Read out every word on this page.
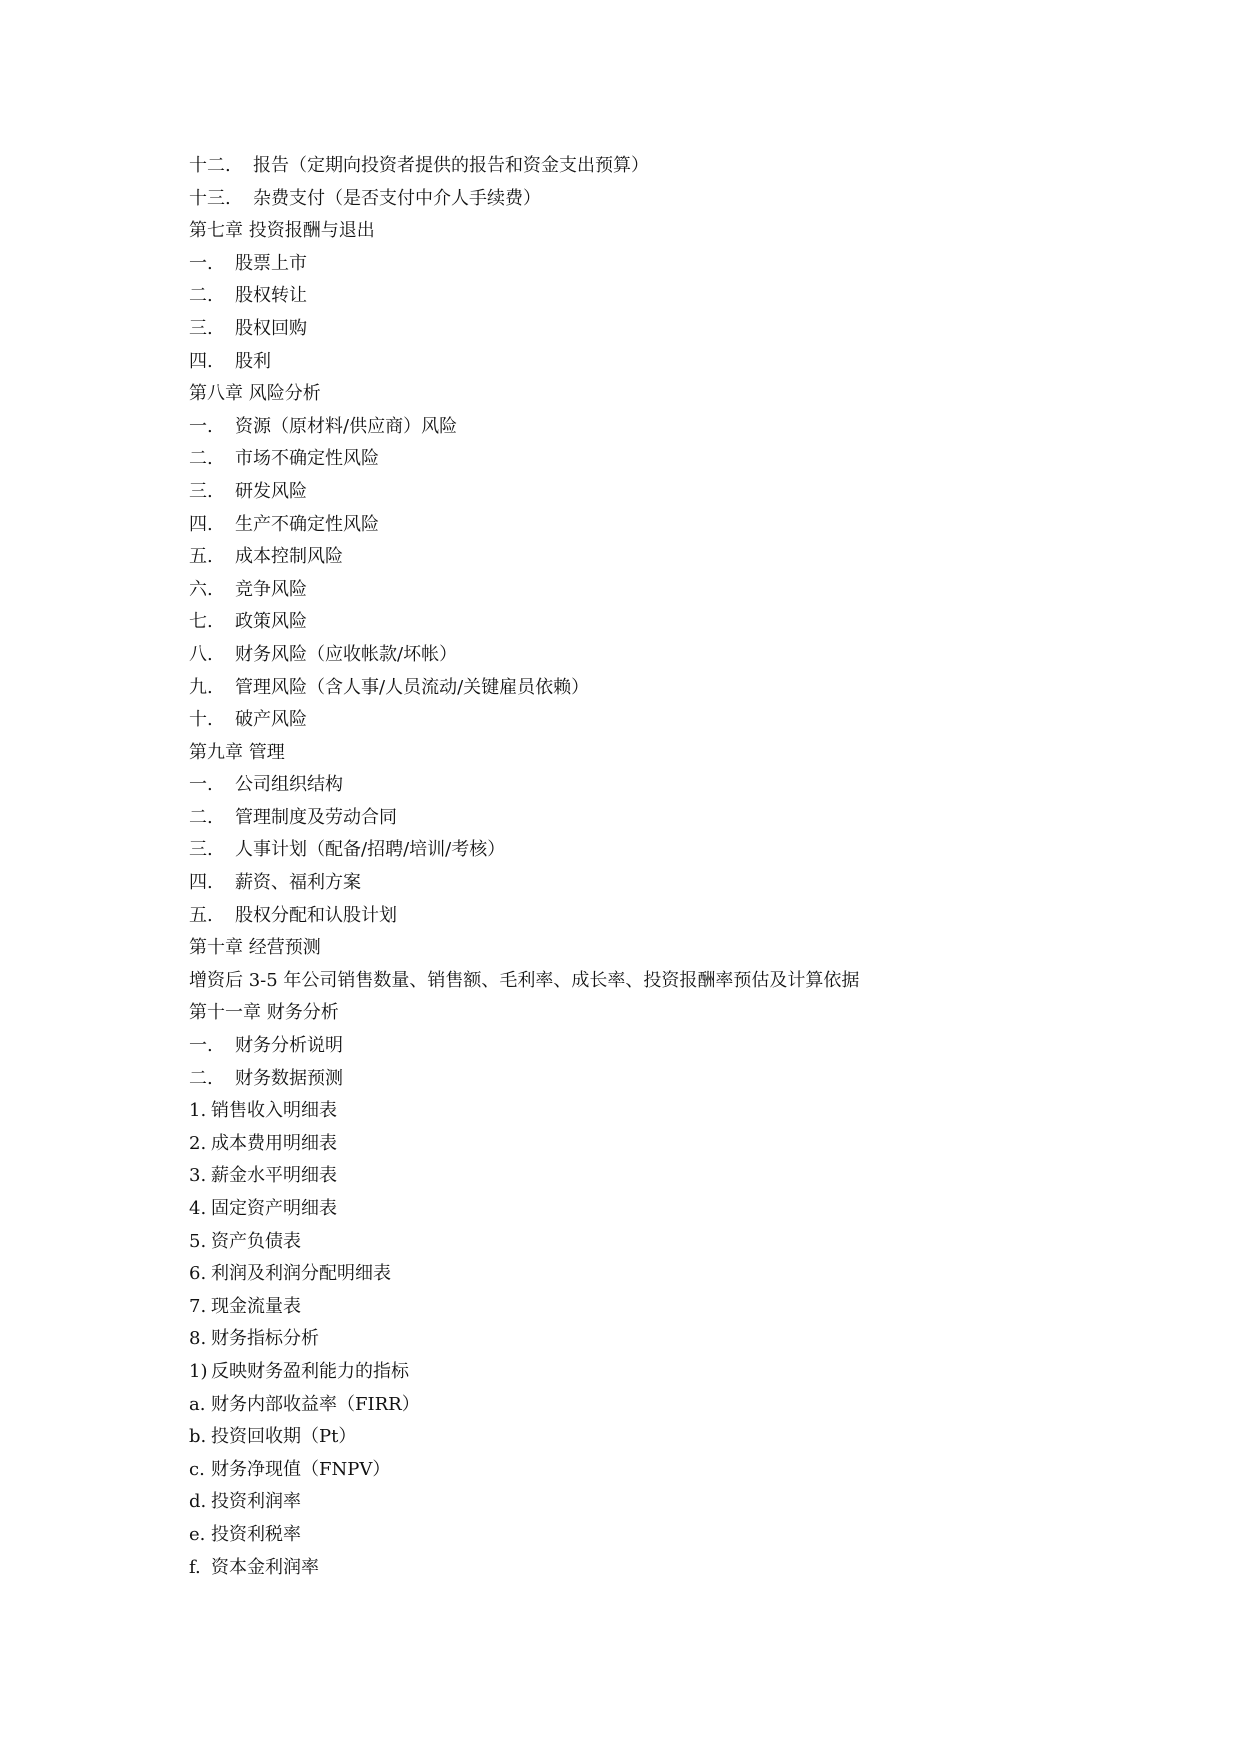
十二.	报告（定期向投资者提供的报告和资金支出预算）
十三.	杂费支付（是否支付中介人手续费）
第七章 投资报酬与退出
一.	股票上市
二.	股权转让
三.	股权回购
四.	股利
第八章 风险分析
一.	资源（原材料/供应商）风险
二.	市场不确定性风险
三.	研发风险
四.	生产不确定性风险
五.	成本控制风险
六.	竞争风险
七.	政策风险
八.	财务风险（应收帐款/坏帐）
九.	管理风险（含人事/人员流动/关键雇员依赖）
十.	破产风险
第九章 管理
一.	公司组织结构
二.	管理制度及劳动合同
三.	人事计划（配备/招聘/培训/考核）
四.	薪资、福利方案
五.	股权分配和认股计划
第十章 经营预测
增资后 3-5 年公司销售数量、销售额、毛利率、成长率、投资报酬率预估及计算依据
第十一章 财务分析
一.	财务分析说明
二.	财务数据预测
1. 销售收入明细表
2. 成本费用明细表
3. 薪金水平明细表
4. 固定资产明细表
5. 资产负债表
6. 利润及利润分配明细表
7. 现金流量表
8. 财务指标分析
1) 反映财务盈利能力的指标
a. 财务内部收益率（FIRR）
b. 投资回收期（Pt）
c. 财务净现值（FNPV）
d. 投资利润率
e. 投资利税率
f. 资本金利润率
